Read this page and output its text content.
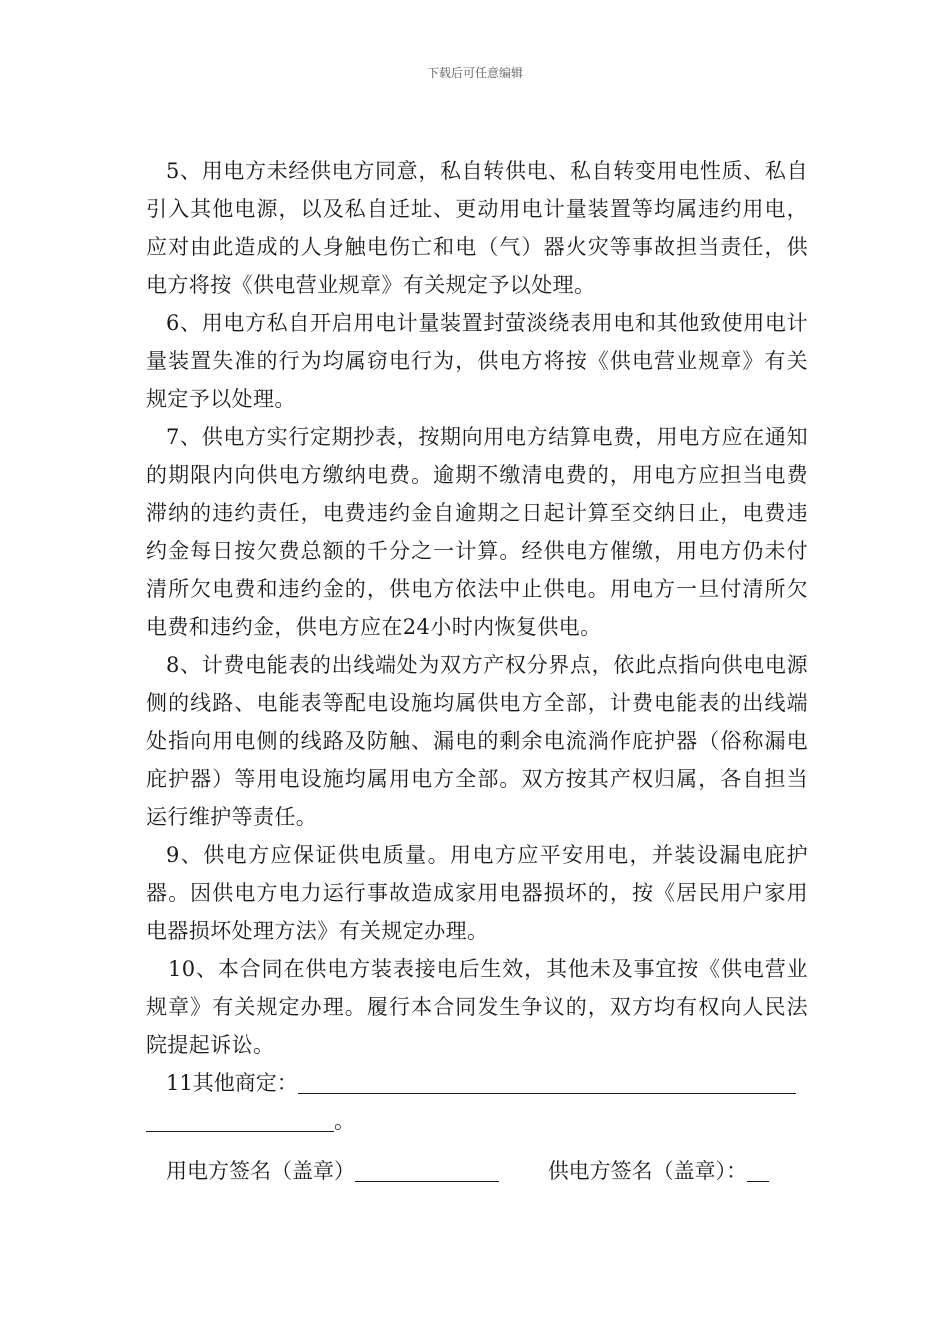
下载后可任意编辑

5、用电方未经供电方同意，私自转供电、私自转变用电性质、私自引入其他电源，以及私自迁址、更动用电计量装置等均属违约用电，应对由此造成的人身触电伤亡和电（气）器火灾等事故担当责任，供电方将按《供电营业规章》有关规定予以处理。

6、用电方私自开启用电计量装置封萤淡绕表用电和其他致使用电计量装置失准的行为均属窃电行为，供电方将按《供电营业规章》有关规定予以处理。

7、供电方实行定期抄表，按期向用电方结算电费，用电方应在通知的期限内向供电方缴纳电费。逾期不缴清电费的，用电方应担当电费滞纳的违约责任，电费违约金自逾期之日起计算至交纳日止，电费违约金每日按欠费总额的千分之一计算。经供电方催缴，用电方仍未付清所欠电费和违约金的，供电方依法中止供电。用电方一旦付清所欠电费和违约金，供电方应在24小时内恢复供电。

8、计费电能表的出线端处为双方产权分界点，依此点指向供电电源侧的线路、电能表等配电设施均属供电方全部，计费电能表的出线端处指向用电侧的线路及防触、漏电的剩余电流淌作庇护器（俗称漏电庇护器）等用电设施均属用电方全部。双方按其产权归属，各自担当运行维护等责任。

9、供电方应保证供电质量。用电方应平安用电，并装设漏电庇护器。因供电方电力运行事故造成家用电器损坏的，按《居民用户家用电器损坏处理方法》有关规定办理。

10、本合同在供电方装表接电后生效，其他未及事宜按《供电营业规章》有关规定办理。履行本合同发生争议的，双方均有权向人民法院提起诉讼。

11其他商定：
。
用电方签名（盖章）	供电方签名（盖章）：
